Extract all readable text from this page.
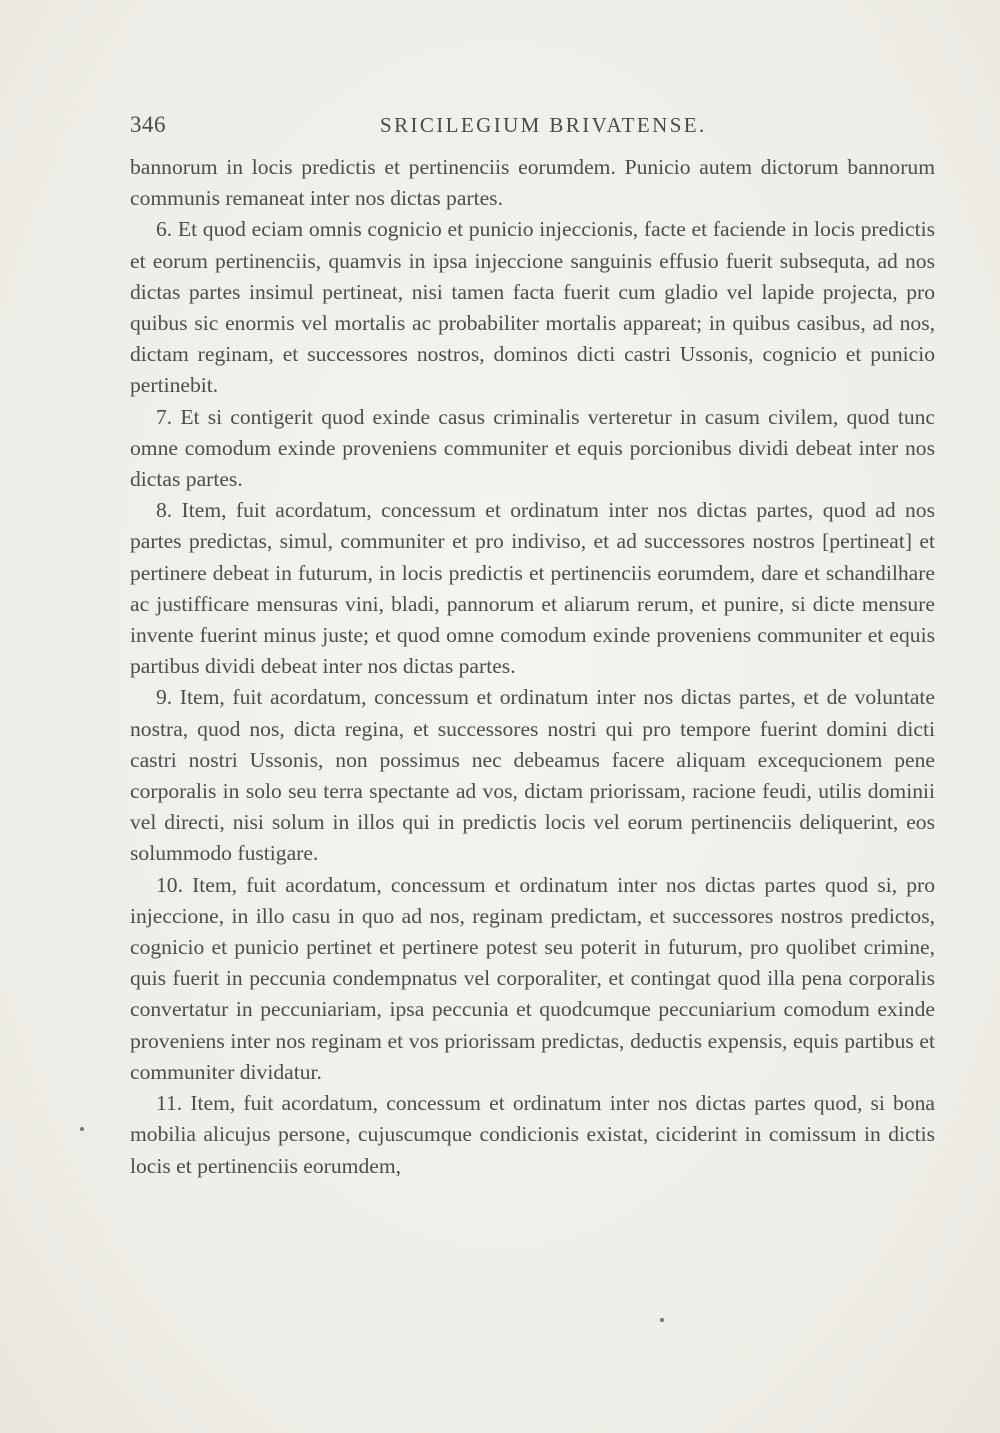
346	SRICILEGIUM BRIVATENSE.

bannorum in locis predictis et pertinenciis eorumdem. Punicio autem dictorum bannorum communis remaneat inter nos dictas partes.

6. Et quod eciam omnis cognicio et punicio injeccionis, facte et faciende in locis predictis et eorum pertinenciis, quamvis in ipsa injeccione sanguinis effusio fuerit subsequta, ad nos dictas partes insimul pertineat, nisi tamen facta fuerit cum gladio vel lapide projecta, pro quibus sic enormis vel mortalis ac probabiliter mortalis appareat; in quibus casibus, ad nos, dictam reginam, et successores nostros, dominos dicti castri Ussonis, cognicio et punicio pertinebit.

7. Et si contigerit quod exinde casus criminalis verteretur in casum civilem, quod tunc omne comodum exinde proveniens communiter et equis porcionibus dividi debeat inter nos dictas partes.

8. Item, fuit acordatum, concessum et ordinatum inter nos dictas partes, quod ad nos partes predictas, simul, communiter et pro indiviso, et ad successores nostros [pertineat] et pertinere debeat in futurum, in locis predictis et pertinenciis eorumdem, dare et schandilhare ac justifficare mensuras vini, bladi, pannorum et aliarum rerum, et punire, si dicte mensure invente fuerint minus juste; et quod omne comodum exinde proveniens communiter et equis partibus dividi debeat inter nos dictas partes.

9. Item, fuit acordatum, concessum et ordinatum inter nos dictas partes, et de voluntate nostra, quod nos, dicta regina, et successores nostri qui pro tempore fuerint domini dicti castri nostri Ussonis, non possimus nec debeamus facere aliquam excequcionem pene corporalis in solo seu terra spectante ad vos, dictam priorissam, racione feudi, utilis dominii vel directi, nisi solum in illos qui in predictis locis vel eorum pertinenciis deliquerint, eos solummodo fustigare.

10. Item, fuit acordatum, concessum et ordinatum inter nos dictas partes quod si, pro injeccione, in illo casu in quo ad nos, reginam predictam, et successores nostros predictos, cognicio et punicio pertinet et pertinere potest seu poterit in futurum, pro quolibet crimine, quis fuerit in peccunia condempnatus vel corporaliter, et contingat quod illa pena corporalis convertatur in peccuniariam, ipsa peccunia et quodcumque peccuniarium comodum exinde proveniens inter nos reginam et vos priorissam predictas, deductis expensis, equis partibus et communiter dividatur.

11. Item, fuit acordatum, concessum et ordinatum inter nos dictas partes quod, si bona mobilia alicujus persone, cujuscumque condicionis existat, ciciderint in comissum in dictis locis et pertinenciis eorumdem,
